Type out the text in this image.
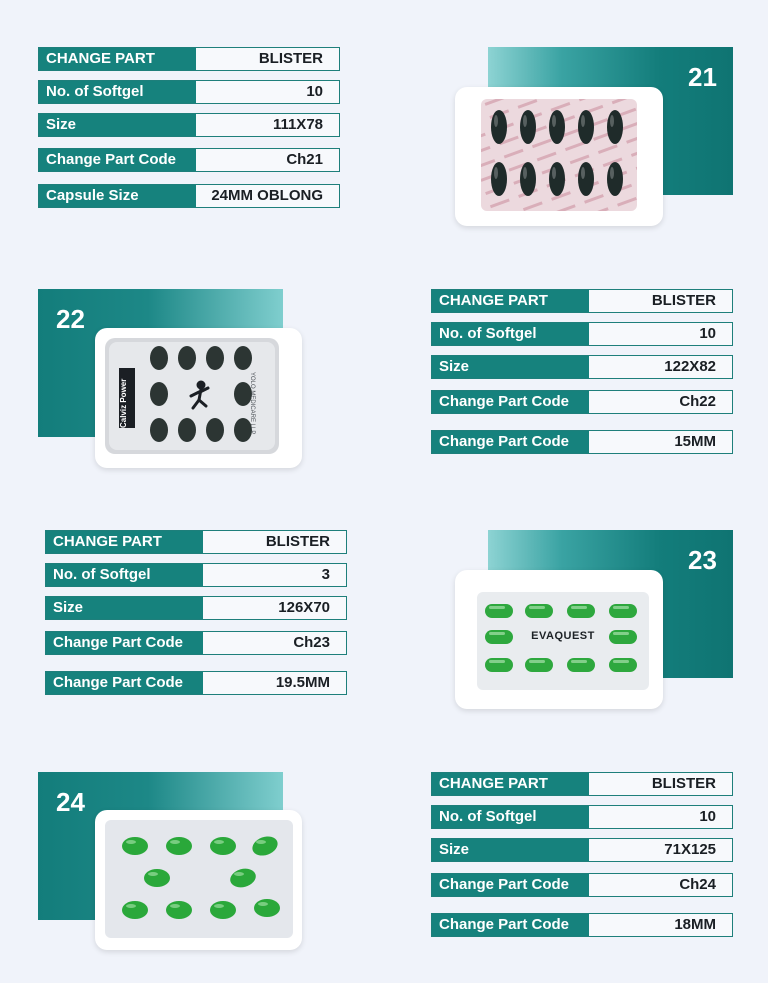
CHANGE PART	BLISTER
No. of Softgel	10
Size	111X78
Change Part Code	Ch21
Capsule Size	24MM OBLONG
21
22
Calviz Power	YOLO MEDICARE LLP
CHANGE PART	BLISTER
No. of Softgel	10
Size	122X82
Change Part Code	Ch22
Change Part Code	15MM
CHANGE PART	BLISTER
No. of Softgel	3
Size	126X70
Change Part Code	Ch23
Change Part Code	19.5MM
23
EVAQUEST
24
CHANGE PART	BLISTER
No. of Softgel	10
Size	71X125
Change Part Code	Ch24
Change Part Code	18MM
